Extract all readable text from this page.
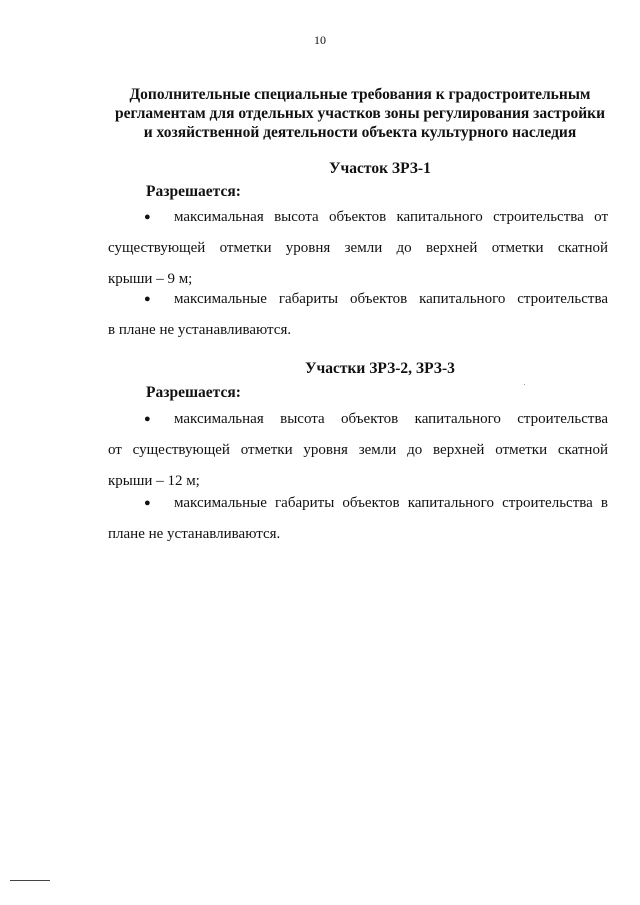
10
Дополнительные специальные требования к градостроительным
регламентам для отдельных участков зоны регулирования застройки
и хозяйственной деятельности объекта культурного наследия
Участок ЗРЗ-1
Разрешается:
● максимальная высота объектов капитального строительства от
существующей отметки уровня земли до верхней отметки скатной
крыши – 9 м;
● максимальные габариты объектов капитального строительства
в плане не устанавливаются.
Участки ЗРЗ-2, ЗРЗ-3
Разрешается:
● максимальная высота объектов капитального строительства
от существующей отметки уровня земли до верхней отметки скатной
крыши – 12 м;
● максимальные габариты объектов капитального строительства в
плане не устанавливаются.
